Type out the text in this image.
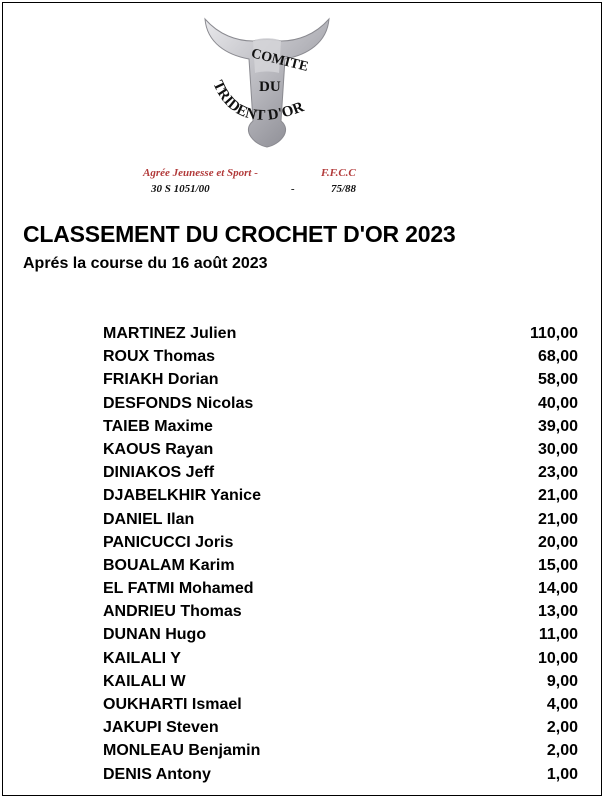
COMITE
DU
TRIDENT D'OR
Agrée Jeunesse et Sport -	F.F.C.C
30 S 1051/00	-	75/88
CLASSEMENT DU CROCHET D'OR 2023
Aprés la course du 16 août 2023
MARTINEZ Julien	110,00
ROUX Thomas	68,00
FRIAKH Dorian	58,00
DESFONDS Nicolas	40,00
TAIEB Maxime	39,00
KAOUS Rayan	30,00
DINIAKOS Jeff	23,00
DJABELKHIR Yanice	21,00
DANIEL Ilan	21,00
PANICUCCI Joris	20,00
BOUALAM Karim	15,00
EL FATMI Mohamed	14,00
ANDRIEU Thomas	13,00
DUNAN Hugo	11,00
KAILALI Y	10,00
KAILALI W	9,00
OUKHARTI Ismael	4,00
JAKUPI Steven	2,00
MONLEAU Benjamin	2,00
DENIS Antony	1,00
